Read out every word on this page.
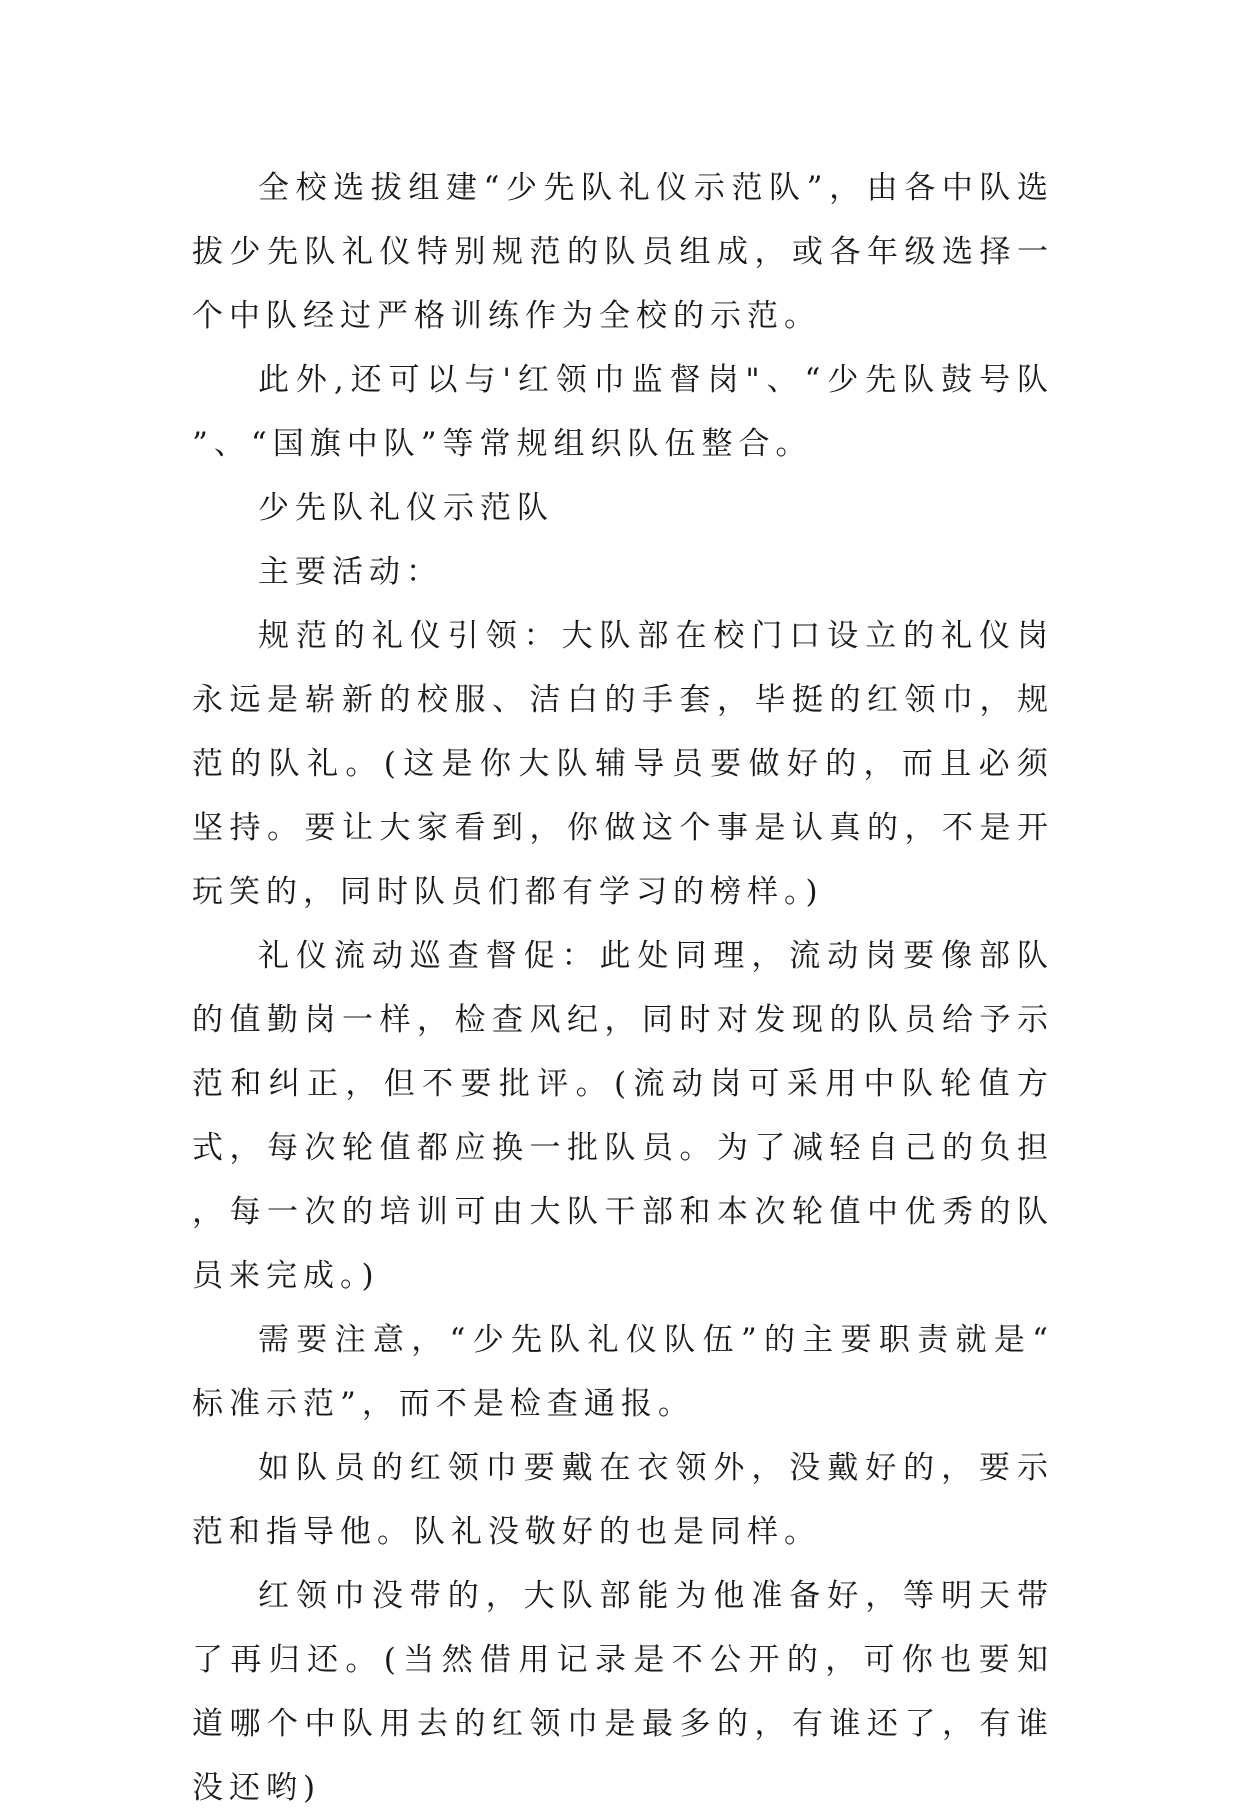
全校选拔组建“少先队礼仪示范队”，由各中队选拔少先队礼仪特别规范的队员组成，或各年级选择一个中队经过严格训练作为全校的示范。

此外,还可以与'红领巾监督岗"、“少先队鼓号队”、“国旗中队”等常规组织队伍整合。

少先队礼仪示范队

主要活动：

规范的礼仪引领：大队部在校门口设立的礼仪岗永远是崭新的校服、洁白的手套，毕挺的红领巾，规范的队礼。(这是你大队辅导员要做好的，而且必须坚持。要让大家看到，你做这个事是认真的，不是开玩笑的，同时队员们都有学习的榜样。)

礼仪流动巡查督促：此处同理，流动岗要像部队的值勤岗一样，检查风纪，同时对发现的队员给予示范和纠正，但不要批评。(流动岗可采用中队轮值方式，每次轮值都应换一批队员。为了减轻自己的负担，每一次的培训可由大队干部和本次轮值中优秀的队员来完成。)

需要注意，“少先队礼仪队伍”的主要职责就是“标准示范”，而不是检查通报。

如队员的红领巾要戴在衣领外，没戴好的，要示范和指导他。队礼没敬好的也是同样。

红领巾没带的，大队部能为他准备好，等明天带了再归还。(当然借用记录是不公开的，可你也要知道哪个中队用去的红领巾是最多的，有谁还了，有谁没还哟)
